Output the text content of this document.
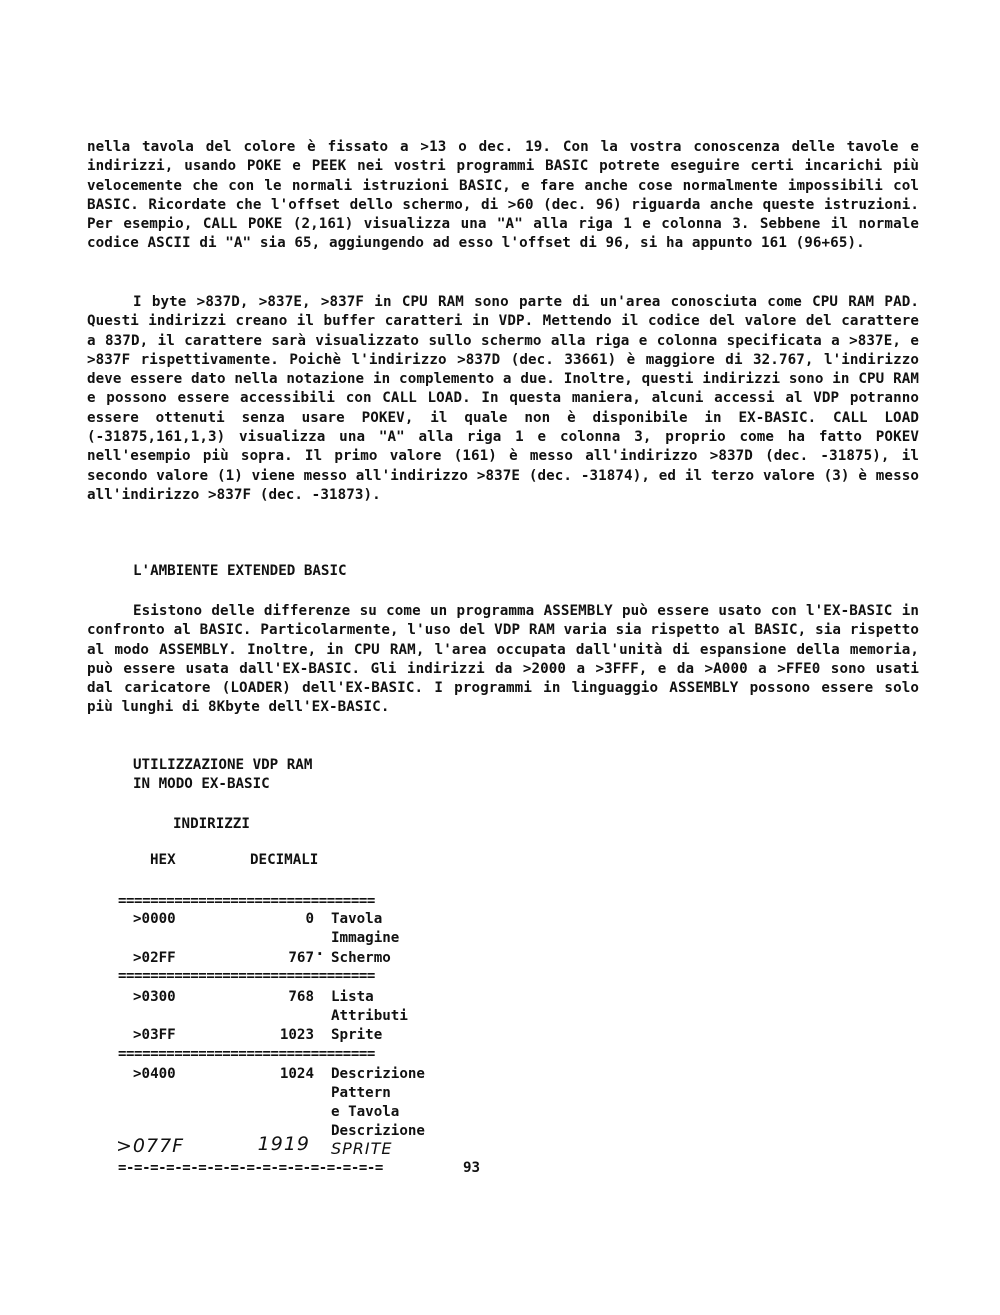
nella tavola del colore è fissato a >13 o dec. 19. Con la vostra conoscenza delle tavole e indirizzi, usando POKE e PEEK nei vostri programmi BASIC potrete eseguire certi incarichi più velocemente che con le normali istruzioni BASIC, e fare anche cose normalmente impossibili col BASIC. Ricordate che l'offset dello schermo, di >60 (dec. 96) riguarda anche queste istruzioni. Per esempio, CALL POKE (2,161) visualizza una "A" alla riga 1 e colonna 3. Sebbene il normale codice ASCII di "A" sia 65, aggiungendo ad esso l'offset di 96, si ha appunto 161 (96+65).

I byte >837D, >837E, >837F in CPU RAM sono parte di un'area conosciuta come CPU RAM PAD. Questi indirizzi creano il buffer caratteri in VDP. Mettendo il codice del valore del carattere a 837D, il carattere sarà visualizzato sullo schermo alla riga e colonna specificata a >837E, e >837F rispettivamente. Poichè l'indirizzo >837D (dec. 33661) è maggiore di 32.767, l'indirizzo deve essere dato nella notazione in complemento a due. Inoltre, questi indirizzi sono in CPU RAM e possono essere accessibili con CALL LOAD. In questa maniera, alcuni accessi al VDP potranno essere ottenuti senza usare POKEV, il quale non è disponibile in EX-BASIC. CALL LOAD (-31875,161,1,3) visualizza una "A" alla riga 1 e colonna 3, proprio come ha fatto POKEV nell'esempio più sopra. Il primo valore (161) è messo all'indirizzo >837D (dec. -31875), il secondo valore (1) viene messo all'indirizzo >837E (dec. -31874), ed il terzo valore (3) è messo all'indirizzo >837F (dec. -31873).

L'AMBIENTE EXTENDED BASIC

Esistono delle differenze su come un programma ASSEMBLY può essere usato con l'EX-BASIC in confronto al BASIC. Particolarmente, l'uso del VDP RAM varia sia rispetto al BASIC, sia rispetto al modo ASSEMBLY. Inoltre, in CPU RAM, l'area occupata dall'unità di espansione della memoria, può essere usata dall'EX-BASIC. Gli indirizzi da >2000 a >3FFF, e da >A000 a >FFE0 sono usati dal caricatore (LOADER) dell'EX-BASIC. I programmi in linguaggio ASSEMBLY possono essere solo più lunghi di 8Kbyte dell'EX-BASIC.

UTILIZZAZIONE VDP RAM
IN MODO EX-BASIC
INDIRIZZI
HEX	DECIMALI
================================
================================
================================
=-=-=-=-=-=-=-=-=-=-=-=-=-=-=-=-=
>0000	0 Tavola
.
Immagine
>02FF	767 Schermo
>0300	768 Lista
Attributi
>03FF	1023 Sprite
>0400	1024 Descrizione
Pattern
e Tavola
Descrizione
>077F	1919 SPRITE
93
